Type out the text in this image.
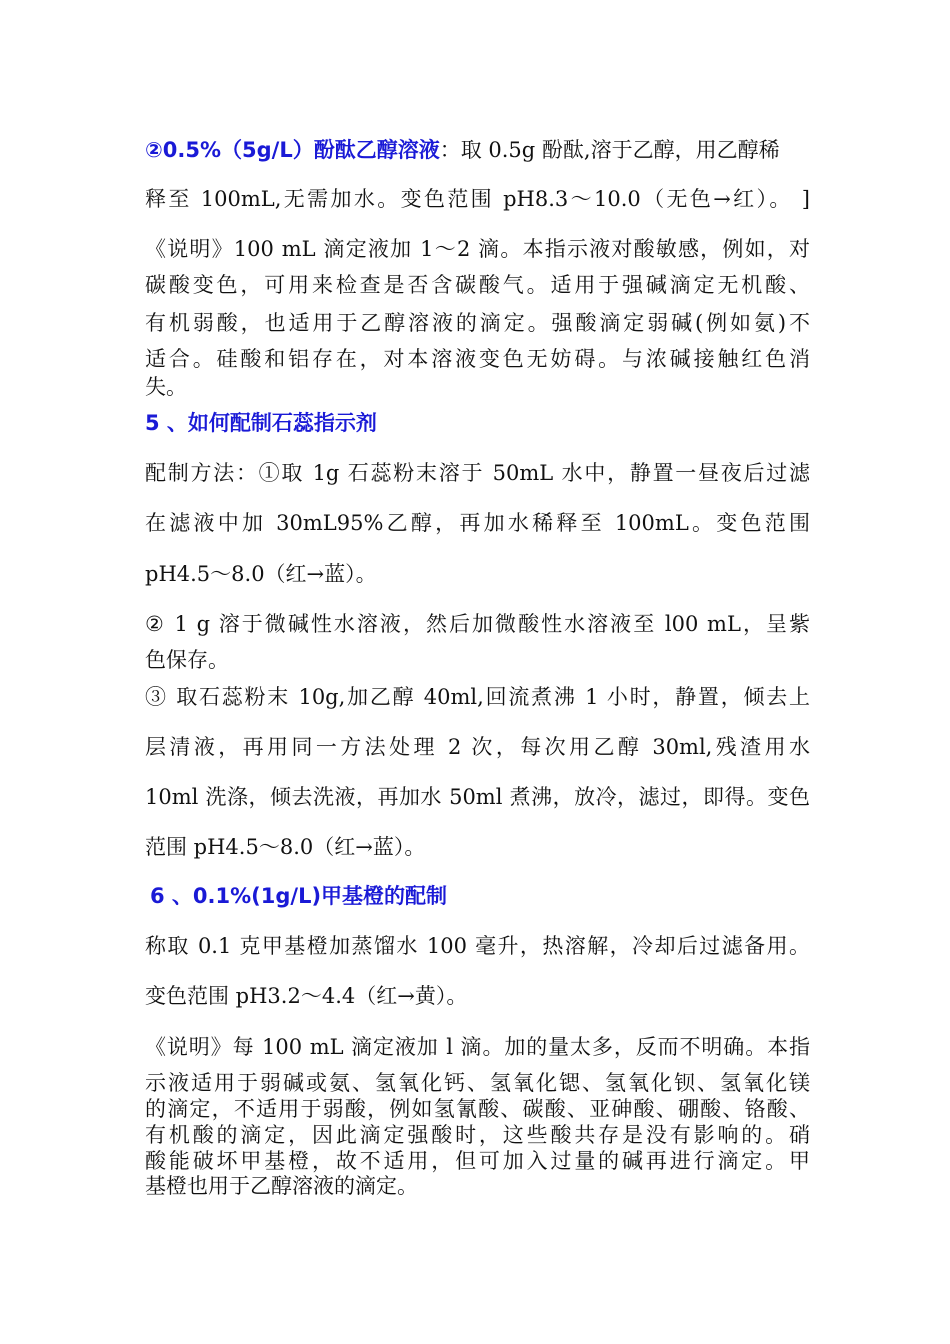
②0.5%（5g/L）酚酞乙醇溶液：取 0.5g 酚酞,溶于乙醇，用乙醇稀
释至 100mL,无需加水。变色范围 pH8.3～10.0（无色→红）。 ]
《说明》100 mL 滴定液加 1～2 滴。本指示液对酸敏感，例如，对
碳酸变色，可用来检查是否含碳酸气。适用于强碱滴定无机酸、
有机弱酸，也适用于乙醇溶液的滴定。强酸滴定弱碱(例如氨)不
适合。硅酸和铝存在，对本溶液变色无妨碍。与浓碱接触红色消
失。
5 、如何配制石蕊指示剂
配制方法：①取 1g 石蕊粉末溶于 50mL 水中，静置一昼夜后过滤
在滤液中加 30mL95%乙醇，再加水稀释至 100mL。变色范围
pH4.5～8.0（红→蓝）。
② 1 g 溶于微碱性水溶液，然后加微酸性水溶液至 l00 mL，呈紫
色保存。
③ 取石蕊粉末 10g,加乙醇 40ml,回流煮沸 1 小时，静置，倾去上
层清液，再用同一方法处理 2 次，每次用乙醇 30ml,残渣用水
10ml 洗涤，倾去洗液，再加水 50ml 煮沸，放冷，滤过，即得。变色
范围 pH4.5～8.0（红→蓝）。
6 、0.1%(1g/L)甲基橙的配制
称取 0.1 克甲基橙加蒸馏水 100 毫升，热溶解，冷却后过滤备用。
变色范围 pH3.2～4.4（红→黄）。
《说明》每 100 mL 滴定液加 l 滴。加的量太多，反而不明确。本指
示液适用于弱碱或氨、氢氧化钙、氢氧化锶、氢氧化钡、氢氧化镁
的滴定，不适用于弱酸，例如氢氰酸、碳酸、亚砷酸、硼酸、铬酸、
有机酸的滴定，因此滴定强酸时，这些酸共存是没有影响的。硝
酸能破坏甲基橙，故不适用，但可加入过量的碱再进行滴定。甲
基橙也用于乙醇溶液的滴定。
